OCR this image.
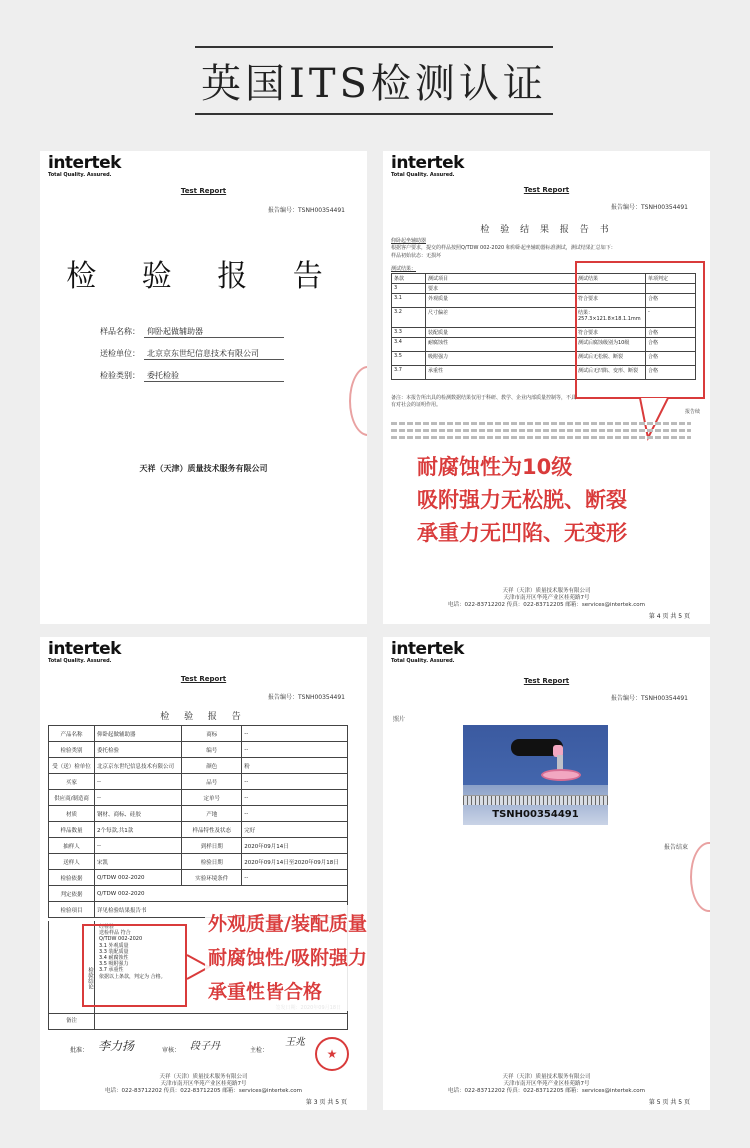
英国ITS检测认证
intertek
Total Quality. Assured.
Test Report
报告编号：TSNH00354491
检 验 报 告
样品名称： 仰卧起做辅助器
送检单位： 北京京东世纪信息技术有限公司
检验类别： 委托检验
天祥（天津）质量技术服务有限公司
intertek
Total Quality. Assured.
Test Report
报告编号：TSNH00354491
检 验 结 果 报 告 书
仰卧起坐辅助器
根据客户要求，提交的样品按照Q/TDW 002-2020 和仰卧起坐辅助器标准测试，测试结果汇总如下：
样品初始状态：无损坏
测试结果：
条款	测试项目	测试结果	单项判定
3	要求		
3.1	外观质量	符合要求	合格
3.2	尺寸偏差	结果：257.3×121.8×18.1.1mm	-
3.3	装配质量	符合要求	合格
3.4	耐腐蚀性	测试后腐蚀级别为10级	合格
3.5	吸附强力	测试后无松脱、断裂	合格
3.7	承重性	测试后无凹陷、变形、断裂	合格
备注：本报告所出具的检测数据结果仅用于科研、教学、企业内部质量控制等，不具有对社会的证明作用。
报告续
耐腐蚀性为10级
吸附强力无松脱、断裂
承重力无凹陷、无变形
天祥（天津）质量技术服务有限公司
天津市南开区华苑产业区桂苑路7号
电话：022-83712202 传真：022-83712205 邮箱：services@intertek.com
第 4 页 共 5 页
intertek
Total Quality. Assured.
Test Report
报告编号：TSNH00354491
检 验 报 告
产品名称	仰卧起做辅助器	商标	--
检验类别	委托检验	编号	--
受（送）检单位	北京京东世纪信息技术有限公司	颜色	粉
买家	--	品号	--
供应商/制造商	--	定单号	--
材质	钢材、商标、硅胶	产地	--
样品数量	2个每款,共1款	样品特性及状态	完好
抽样人	--	到样日期	2020年09月14日
送样人	宋凯	检验日期	2020年09月14日至2020年09月18日
检验依据	Q/TDW 002-2020	实验环境条件	--
判定依据	Q/TDW 002-2020		
检验项目	详见检验结果报告书		
检验结论
经检验
送检样品 符合
Q/TDW 002-2020
3.1 外观质量
3.3 装配质量
3.4 耐腐蚀性
3.5 吸附强力
3.7 承重性
依据以上条款，判定为 合格。
备注
外观质量/装配质量
耐腐蚀性/吸附强力
承重性皆合格
批准： 李力扬	审核： 段子丹	主检：
王兆
★
天祥（天津）质量技术服务有限公司
天津市南开区华苑产业区桂苑路7号
电话：022-83712202 传真：022-83712205 邮箱：services@intertek.com
第 3 页 共 5 页
intertek
Total Quality. Assured.
Test Report
报告编号：TSNH00354491
照片
TSNH00354491
报告结束
天祥（天津）质量技术服务有限公司
天津市南开区华苑产业区桂苑路7号
电话：022-83712202 传真：022-83712205 邮箱：services@intertek.com
第 5 页 共 5 页
